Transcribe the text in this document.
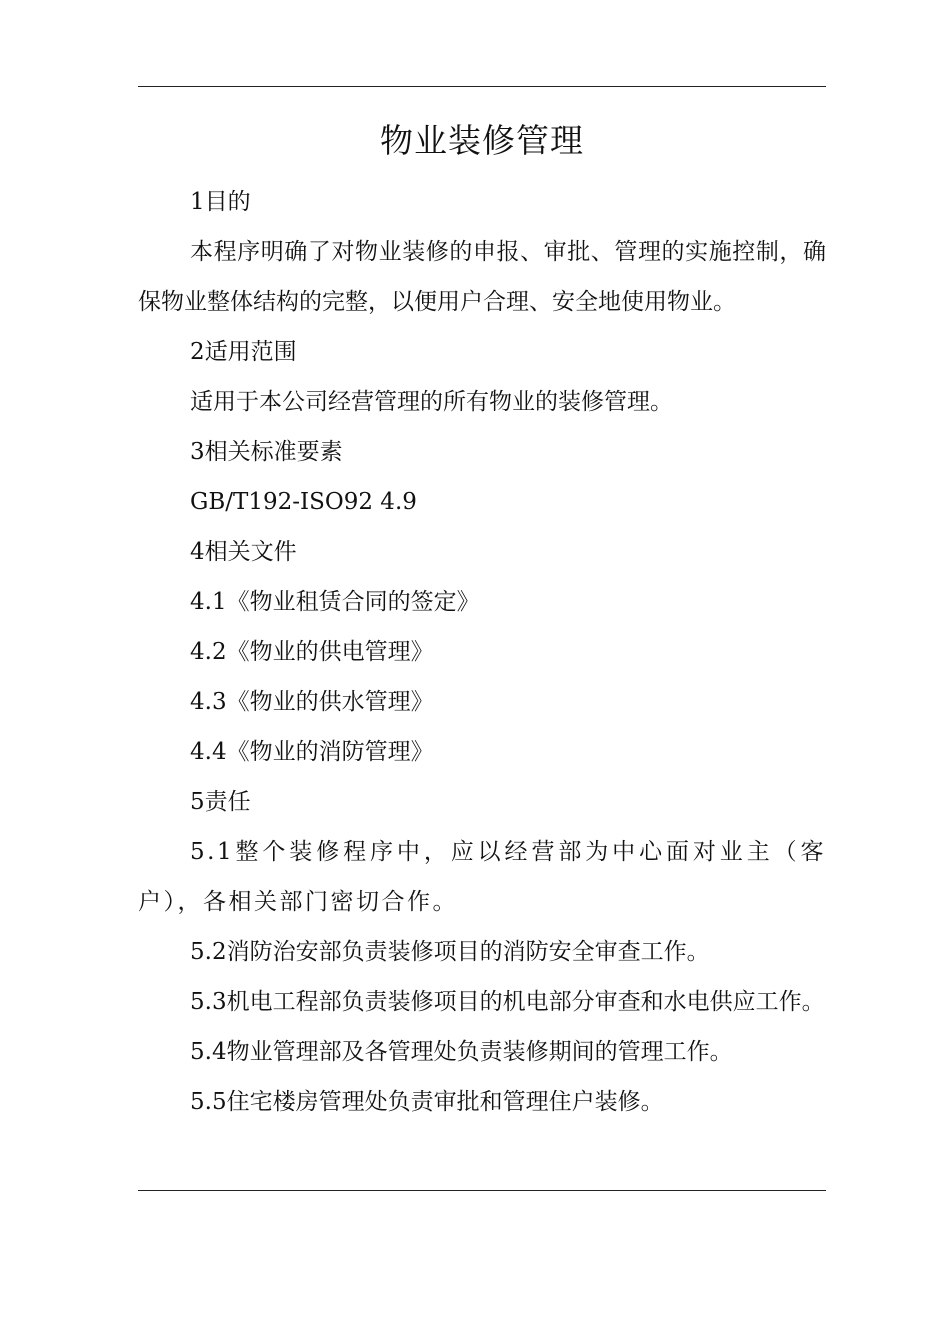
物业装修管理

1目的

本程序明确了对物业装修的申报、审批、管理的实施控制，确保物业整体结构的完整，以便用户合理、安全地使用物业。

2适用范围

适用于本公司经营管理的所有物业的装修管理。

3相关标准要素

GB/T192-ISO92 4.9

4相关文件

4.1《物业租赁合同的签定》

4.2《物业的供电管理》

4.3《物业的供水管理》

4.4《物业的消防管理》

5责任

5.1整个装修程序中，应以经营部为中心面对业主（客户），各相关部门密切合作。

5.2消防治安部负责装修项目的消防安全审查工作。

5.3机电工程部负责装修项目的机电部分审查和水电供应工作。

5.4物业管理部及各管理处负责装修期间的管理工作。

5.5住宅楼房管理处负责审批和管理住户装修。
